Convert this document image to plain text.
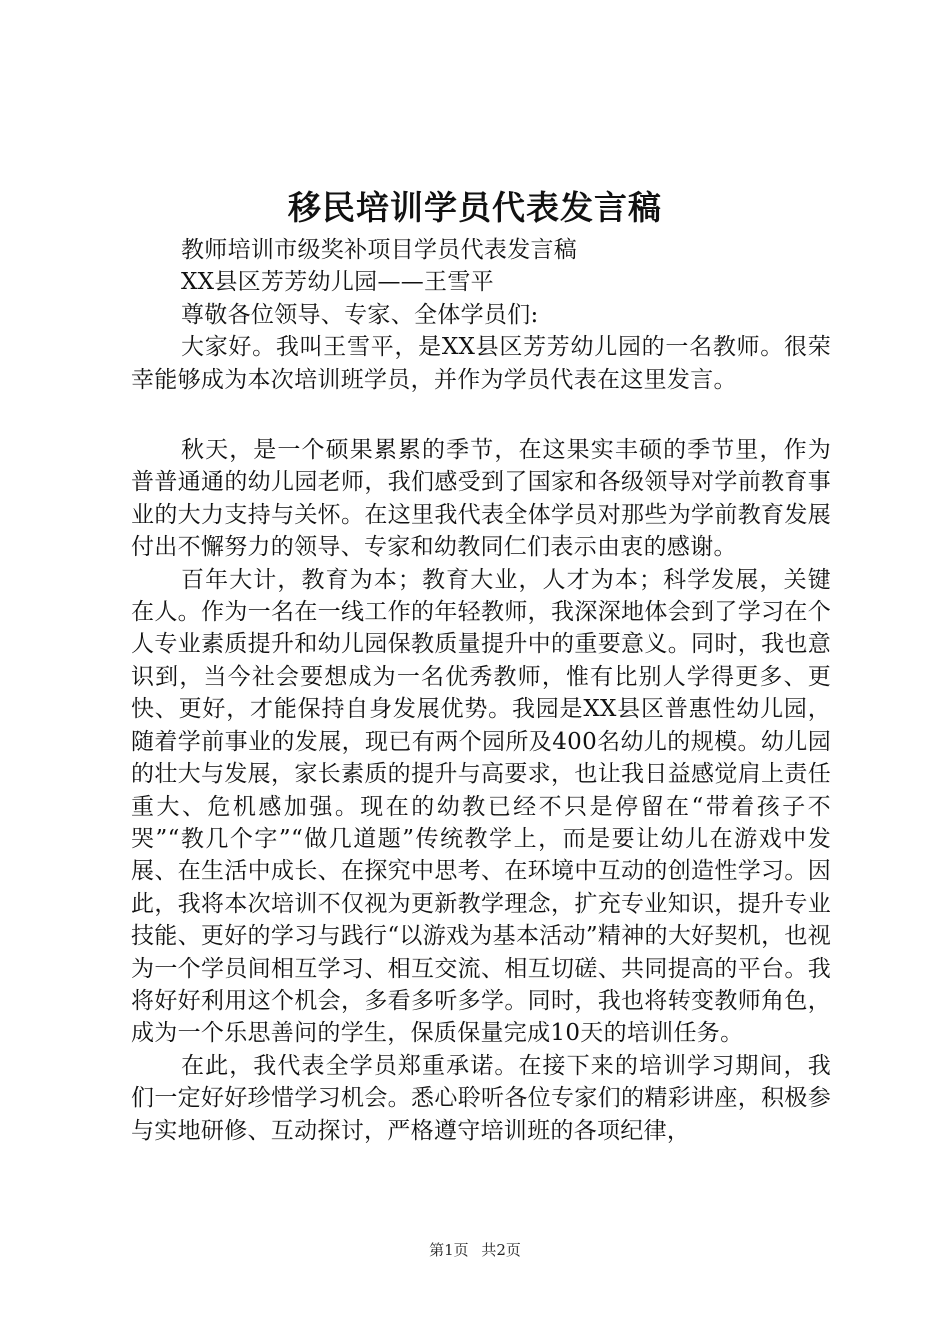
移民培训学员代表发言稿

教师培训市级奖补项目学员代表发言稿

XX县区芳芳幼儿园——王雪平

尊敬各位领导、专家、全体学员们:

大家好。我叫王雪平，是XX县区芳芳幼儿园的一名教师。很荣幸能够成为本次培训班学员，并作为学员代表在这里发言。

秋天，是一个硕果累累的季节，在这果实丰硕的季节里，作为普普通通的幼儿园老师，我们感受到了国家和各级领导对学前教育事业的大力支持与关怀。在这里我代表全体学员对那些为学前教育发展付出不懈努力的领导、专家和幼教同仁们表示由衷的感谢。

百年大计，教育为本；教育大业，人才为本；科学发展，关键在人。作为一名在一线工作的年轻教师，我深深地体会到了学习在个人专业素质提升和幼儿园保教质量提升中的重要意义。同时，我也意识到，当今社会要想成为一名优秀教师，惟有比别人学得更多、更快、更好，才能保持自身发展优势。我园是XX县区普惠性幼儿园，随着学前事业的发展，现已有两个园所及400名幼儿的规模。幼儿园的壮大与发展，家长素质的提升与高要求，也让我日益感觉肩上责任重大、危机感加强。现在的幼教已经不只是停留在“带着孩子不哭”“教几个字”“做几道题”传统教学上，而是要让幼儿在游戏中发展、在生活中成长、在探究中思考、在环境中互动的创造性学习。因此，我将本次培训不仅视为更新教学理念，扩充专业知识，提升专业技能、更好的学习与践行“以游戏为基本活动”精神的大好契机，也视为一个学员间相互学习、相互交流、相互切磋、共同提高的平台。我将好好利用这个机会，多看多听多学。同时，我也将转变教师角色，成为一个乐思善问的学生，保质保量完成10天的培训任务。

在此，我代表全学员郑重承诺。在接下来的培训学习期间，我们一定好好珍惜学习机会。悉心聆听各位专家们的精彩讲座，积极参与实地研修、互动探讨，严格遵守培训班的各项纪律，

第1页 共2页
